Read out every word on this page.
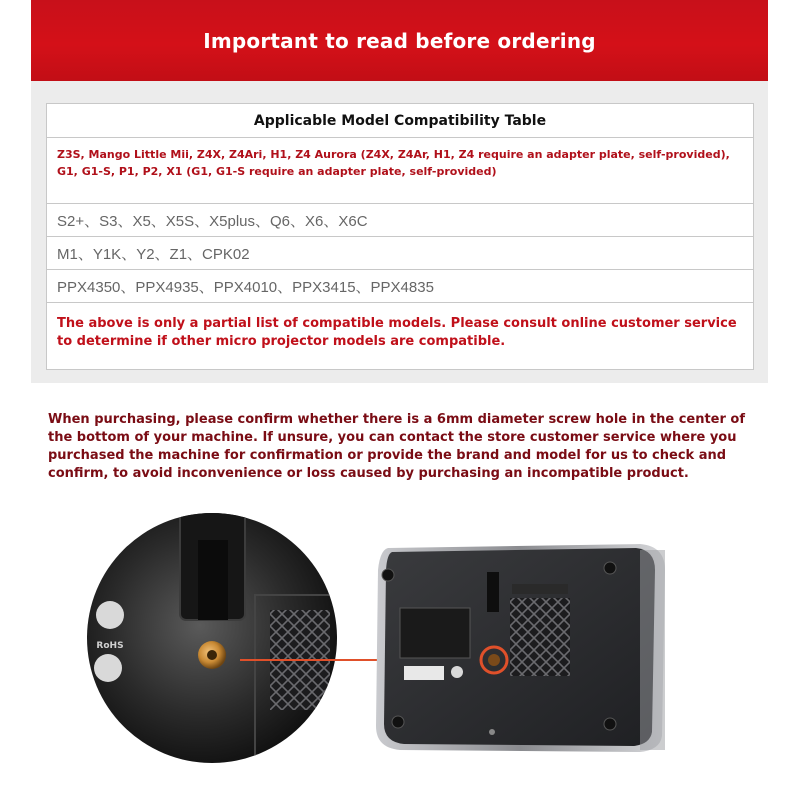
Important to read before ordering
Applicable Model Compatibility Table
Z3S, Mango Little Mii, Z4X, Z4Ari, H1, Z4 Aurora (Z4X, Z4Ar, H1, Z4 require an adapter plate, self-provided), G1, G1-S, P1, P2, X1 (G1, G1-S require an adapter plate, self-provided)
S2+、S3、X5、X5S、X5plus、Q6、X6、X6C
M1、Y1K、Y2、Z1、CPK02
PPX4350、PPX4935、PPX4010、PPX3415、PPX4835
The above is only a partial list of compatible models. Please consult online customer service to determine if other micro projector models are compatible.
When purchasing, please confirm whether there is a 6mm diameter screw hole in the center of the bottom of your machine. If unsure, you can contact the store customer service where you purchased the machine for confirmation or provide the brand and model for us to check and confirm, to avoid inconvenience or loss caused by purchasing an incompatible product.
RoHS
